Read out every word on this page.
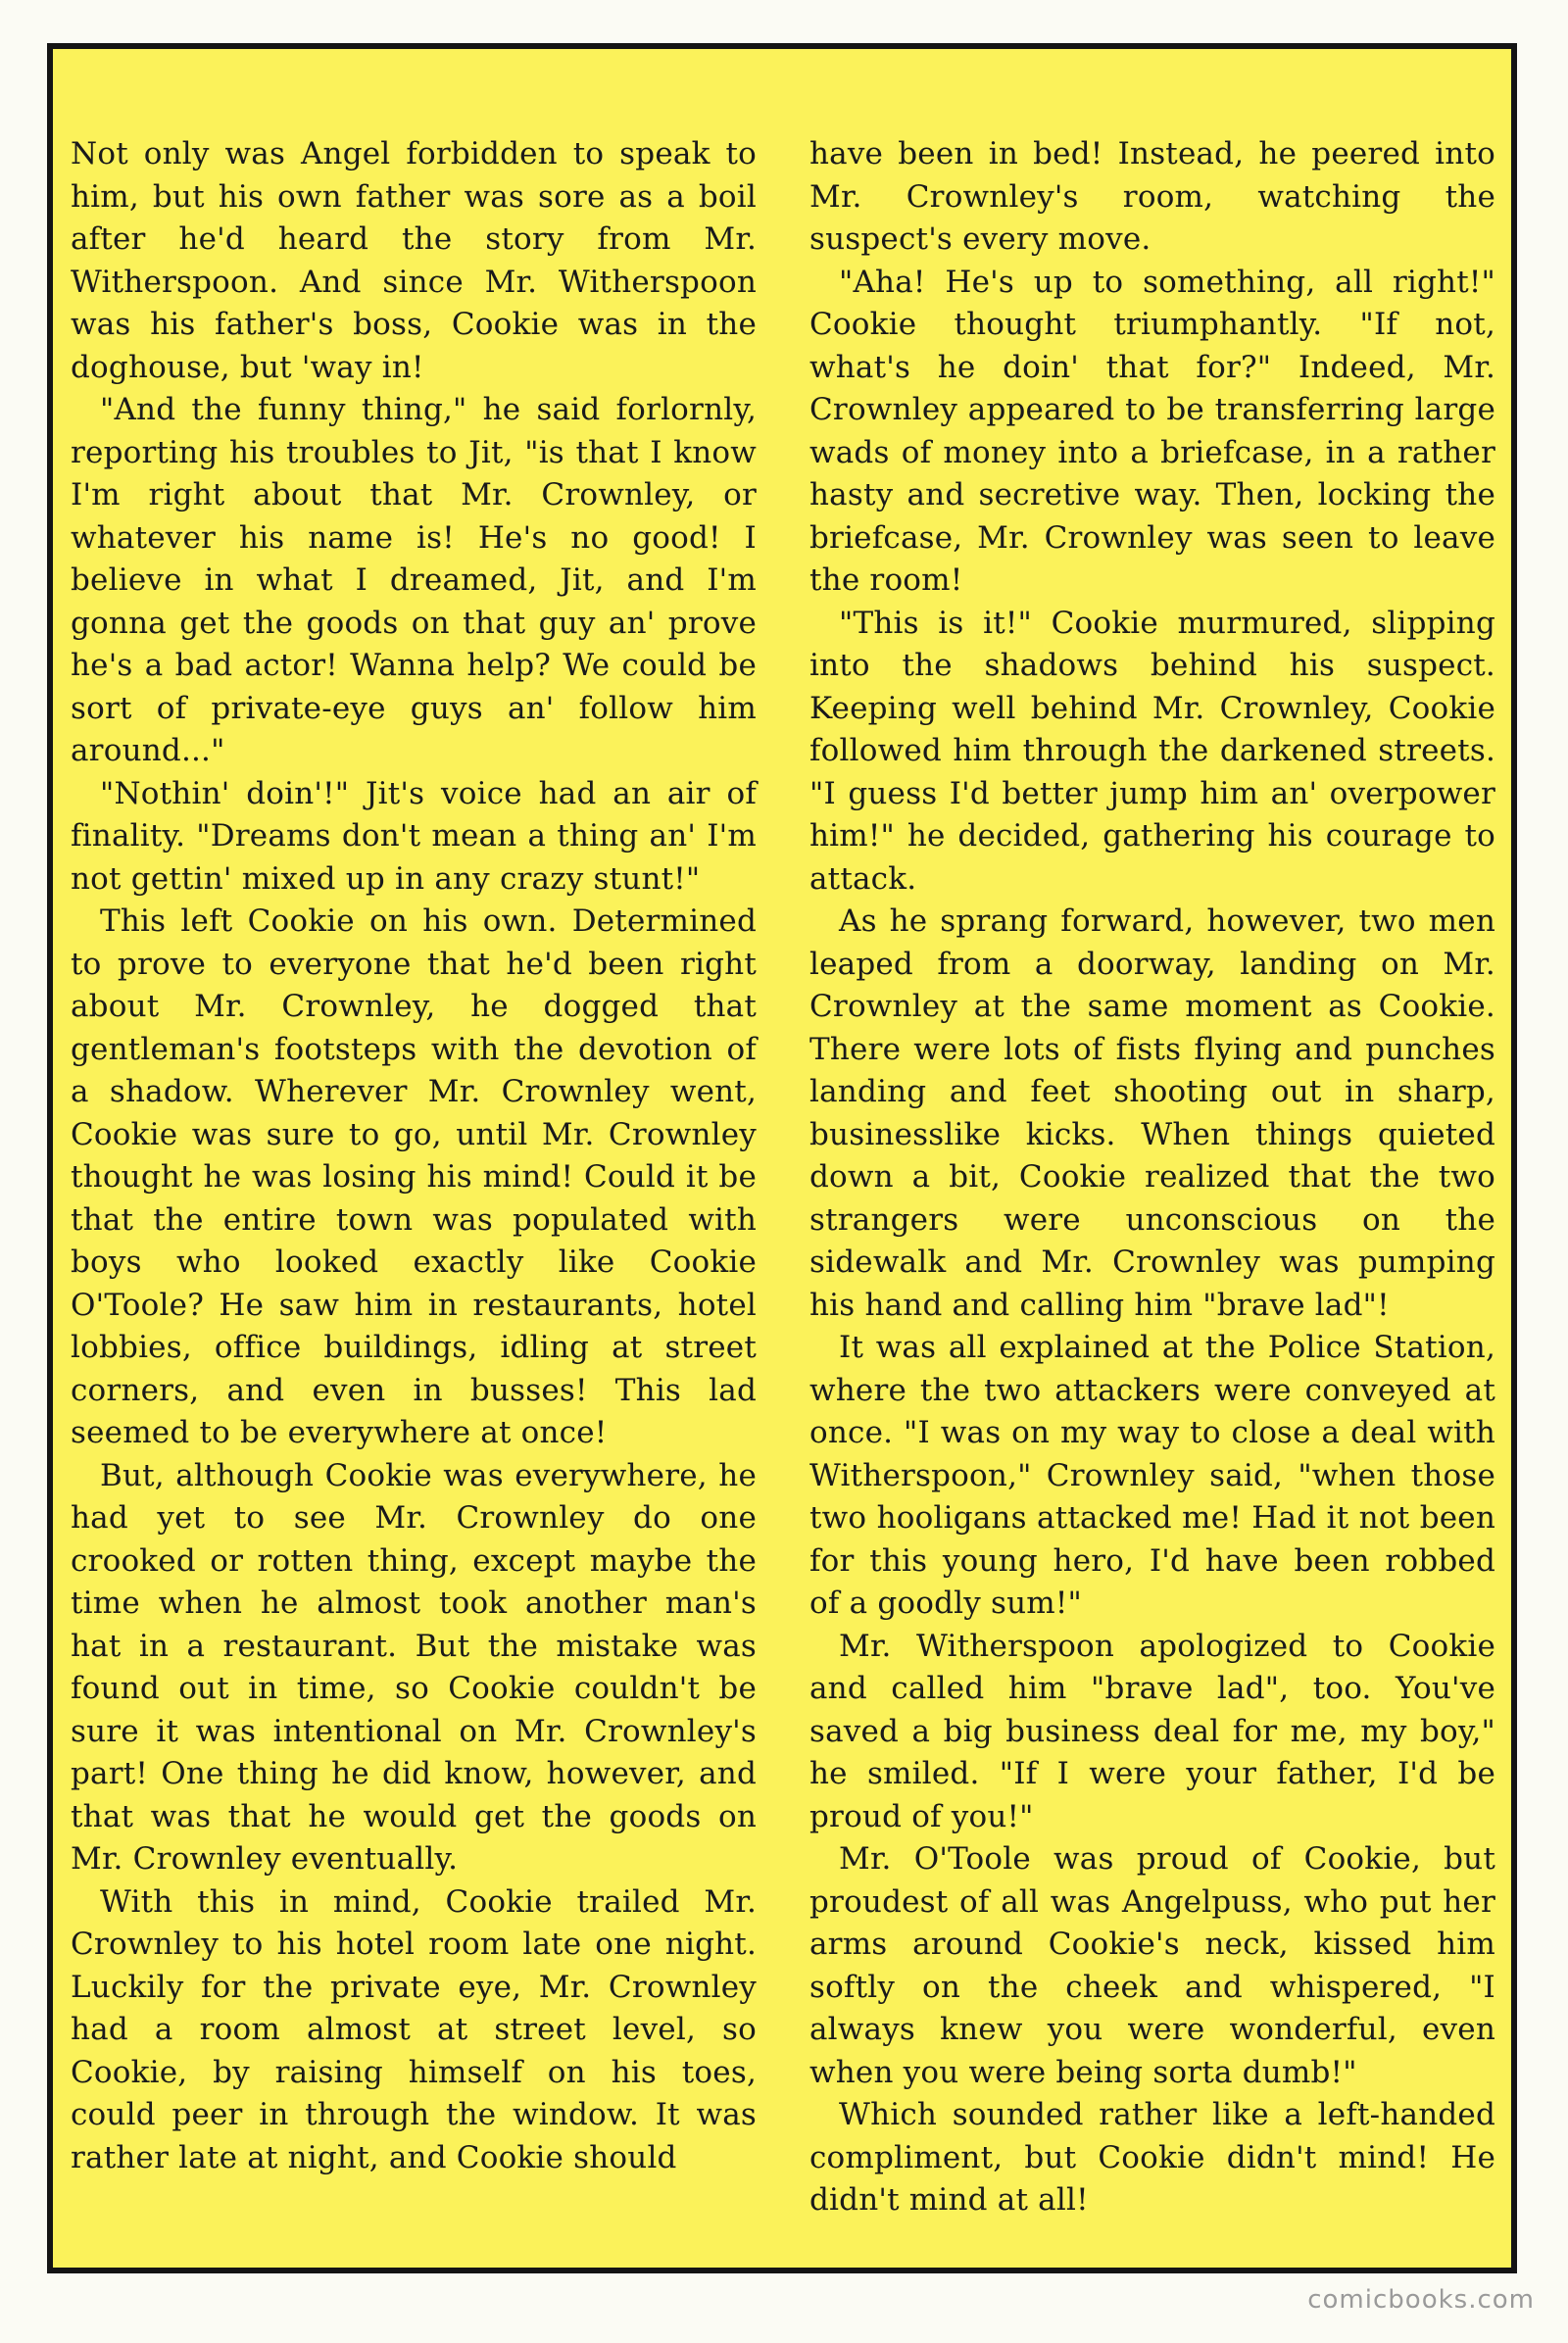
Not only was Angel forbidden to speak to him, but his own father was sore as a boil after he'd heard the story from Mr. Witherspoon. And since Mr. Witherspoon was his father's boss, Cookie was in the doghouse, but 'way in!

"And the funny thing," he said forlornly, reporting his troubles to Jit, "is that I know I'm right about that Mr. Crownley, or whatever his name is! He's no good! I believe in what I dreamed, Jit, and I'm gonna get the goods on that guy an' prove he's a bad actor! Wanna help? We could be sort of private-eye guys an' follow him around..."

"Nothin' doin'!" Jit's voice had an air of finality. "Dreams don't mean a thing an' I'm not gettin' mixed up in any crazy stunt!"

This left Cookie on his own. Determined to prove to everyone that he'd been right about Mr. Crownley, he dogged that gentleman's footsteps with the devotion of a shadow. Wherever Mr. Crownley went, Cookie was sure to go, until Mr. Crownley thought he was losing his mind! Could it be that the entire town was populated with boys who looked exactly like Cookie O'Toole? He saw him in restaurants, hotel lobbies, office buildings, idling at street corners, and even in busses! This lad seemed to be everywhere at once!

But, although Cookie was everywhere, he had yet to see Mr. Crownley do one crooked or rotten thing, except maybe the time when he almost took another man's hat in a restaurant. But the mistake was found out in time, so Cookie couldn't be sure it was intentional on Mr. Crownley's part! One thing he did know, however, and that was that he would get the goods on Mr. Crownley eventually.

With this in mind, Cookie trailed Mr. Crownley to his hotel room late one night. Luckily for the private eye, Mr. Crownley had a room almost at street level, so Cookie, by raising himself on his toes, could peer in through the window. It was rather late at night, and Cookie should

have been in bed! Instead, he peered into Mr. Crownley's room, watching the suspect's every move.

"Aha! He's up to something, all right!" Cookie thought triumphantly. "If not, what's he doin' that for?" Indeed, Mr. Crownley appeared to be transferring large wads of money into a briefcase, in a rather hasty and secretive way. Then, locking the briefcase, Mr. Crownley was seen to leave the room!

"This is it!" Cookie murmured, slipping into the shadows behind his suspect. Keeping well behind Mr. Crownley, Cookie followed him through the darkened streets. "I guess I'd better jump him an' overpower him!" he decided, gathering his courage to attack.

As he sprang forward, however, two men leaped from a doorway, landing on Mr. Crownley at the same moment as Cookie. There were lots of fists flying and punches landing and feet shooting out in sharp, businesslike kicks. When things quieted down a bit, Cookie realized that the two strangers were unconscious on the sidewalk and Mr. Crownley was pumping his hand and calling him "brave lad"!

It was all explained at the Police Station, where the two attackers were conveyed at once. "I was on my way to close a deal with Witherspoon," Crownley said, "when those two hooligans attacked me! Had it not been for this young hero, I'd have been robbed of a goodly sum!"

Mr. Witherspoon apologized to Cookie and called him "brave lad", too. You've saved a big business deal for me, my boy," he smiled. "If I were your father, I'd be proud of you!"

Mr. O'Toole was proud of Cookie, but proudest of all was Angelpuss, who put her arms around Cookie's neck, kissed him softly on the cheek and whispered, "I always knew you were wonderful, even when you were being sorta dumb!"

Which sounded rather like a left-handed compliment, but Cookie didn't mind! He didn't mind at all!

comicbooks.com
